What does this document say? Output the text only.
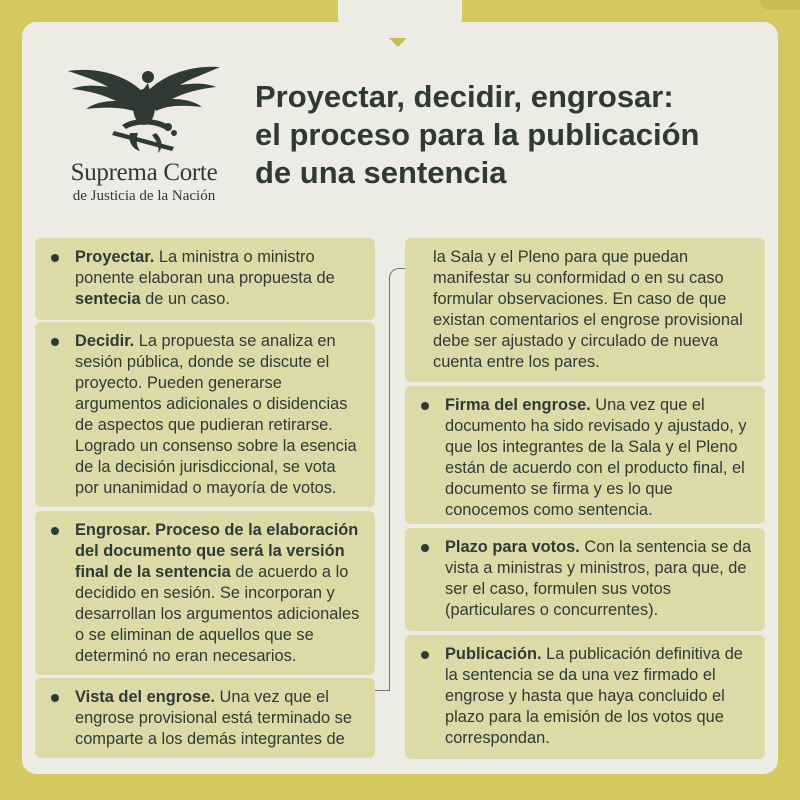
Suprema Corte
de Justicia de la Nación
Proyectar, decidir, engrosar:
el proceso para la publicación
de una sentencia
Proyectar. La ministra o ministro ponente elaboran una propuesta de sentecia de un caso.
Decidir. La propuesta se analiza en sesión pública, donde se discute el proyecto. Pueden generarse argumentos adicionales o disidencias de aspectos que pudieran retirarse. Logrado un consenso sobre la esencia de la decisión jurisdiccional, se vota por unanimidad o mayoría de votos.
Engrosar. Proceso de la elaboración del documento que será la versión final de la sentencia de acuerdo a lo decidido en sesión. Se incorporan y desarrollan los argumentos adicionales o se eliminan de aquellos que se determinó no eran necesarios.
Vista del engrose. Una vez que el engrose provisional está terminado se comparte a los demás integrantes de
la Sala y el Pleno para que puedan manifestar su conformidad o en su caso formular observaciones. En caso de que existan comentarios el engrose provisional debe ser ajustado y circulado de nueva cuenta entre los pares.
Firma del engrose. Una vez que el documento ha sido revisado y ajustado, y que los integrantes de la Sala y el Pleno están de acuerdo con el producto final, el documento se firma y es lo que conocemos como sentencia.
Plazo para votos. Con la sentencia se da vista a ministras y ministros, para que, de ser el caso, formulen sus votos (particulares o concurrentes).
Publicación. La publicación definitiva de la sentencia se da una vez firmado el engrose y hasta que haya concluido el plazo para la emisión de los votos que correspondan.
